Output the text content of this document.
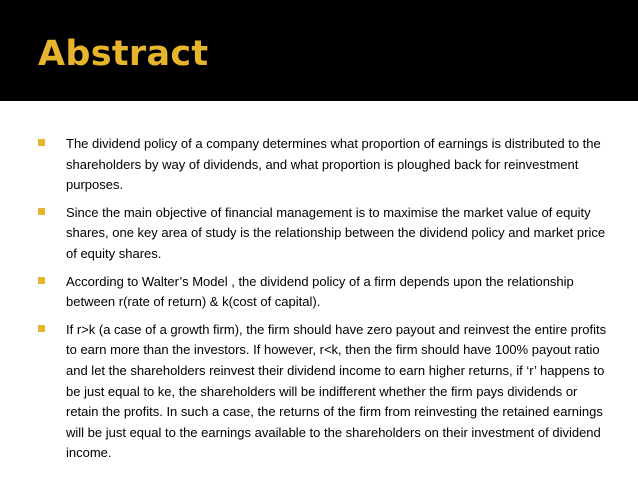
Abstract
The dividend policy of a company determines what proportion of earnings is distributed to the shareholders by way of dividends, and what proportion is ploughed back for reinvestment purposes.
Since the main objective of financial management is to maximise the market value of equity shares, one key area of study is the relationship between the dividend policy and market price of equity shares.
According to Walter’s Model , the dividend policy of a firm depends upon the relationship between r(rate of return) & k(cost of capital).
If r>k (a case of a growth firm), the firm should have zero payout and reinvest the entire profits to earn more than the investors. If however, r<k, then the firm should have 100% payout ratio and let the shareholders reinvest their dividend income to earn higher returns, if ‘r’ happens to be just equal to ke, the shareholders will be indifferent whether the firm pays dividends or retain the profits. In such a case, the returns of the firm from reinvesting the retained earnings will be just equal to the earnings available to the shareholders on their investment of dividend income.
